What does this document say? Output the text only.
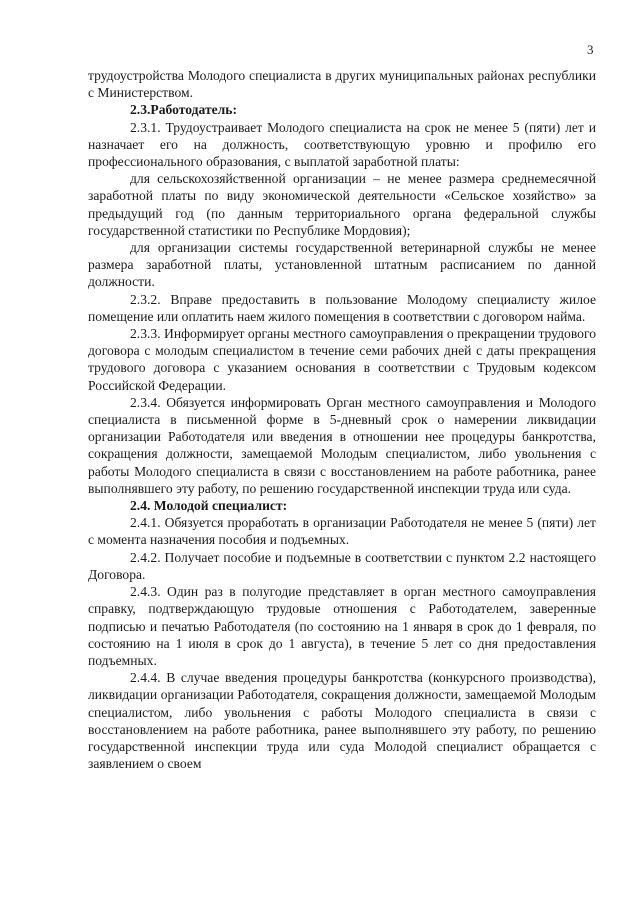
3

трудоустройства Молодого специалиста в других муниципальных районах республики с Министерством.

2.3.Работодатель:

2.3.1. Трудоустраивает Молодого специалиста на срок не менее 5 (пяти) лет и назначает его на должность, соответствующую уровню и профилю его профессионального образования, с выплатой заработной платы:

для сельскохозяйственной организации – не менее размера среднемесячной заработной платы по виду экономической деятельности «Сельское хозяйство» за предыдущий год (по данным территориального органа федеральной службы государственной статистики по Республике Мордовия);

для организации системы государственной ветеринарной службы не менее размера заработной платы, установленной штатным расписанием по данной должности.

2.3.2. Вправе предоставить в пользование Молодому специалисту жилое помещение или оплатить наем жилого помещения в соответствии с договором найма.

2.3.3. Информирует органы местного самоуправления о прекращении трудового договора с молодым специалистом в течение семи рабочих дней с даты прекращения трудового договора с указанием основания в соответствии с Трудовым кодексом Российской Федерации.

2.3.4. Обязуется информировать Орган местного самоуправления и Молодого специалиста в письменной форме в 5-дневный срок о намерении ликвидации организации Работодателя или введения в отношении нее процедуры банкротства, сокращения должности, замещаемой Молодым специалистом, либо увольнения с работы Молодого специалиста в связи с восстановлением на работе работника, ранее выполнявшего эту работу, по решению государственной инспекции труда или суда.

2.4. Молодой специалист:

2.4.1. Обязуется проработать в организации Работодателя не менее 5 (пяти) лет с момента назначения пособия и подъемных.

2.4.2. Получает пособие и подъемные в соответствии с пунктом 2.2 настоящего Договора.

2.4.3. Один раз в полугодие представляет в орган местного самоуправления справку, подтверждающую трудовые отношения с Работодателем, заверенные подписью и печатью Работодателя (по состоянию на 1 января в срок до 1 февраля, по состоянию на 1 июля в срок до 1 августа), в течение 5 лет со дня предоставления подъемных.

2.4.4. В случае введения процедуры банкротства (конкурсного производства), ликвидации организации Работодателя, сокращения должности, замещаемой Молодым специалистом, либо увольнения с работы Молодого специалиста в связи с восстановлением на работе работника, ранее выполнявшего эту работу, по решению государственной инспекции труда или суда Молодой специалист обращается с заявлением о своем
